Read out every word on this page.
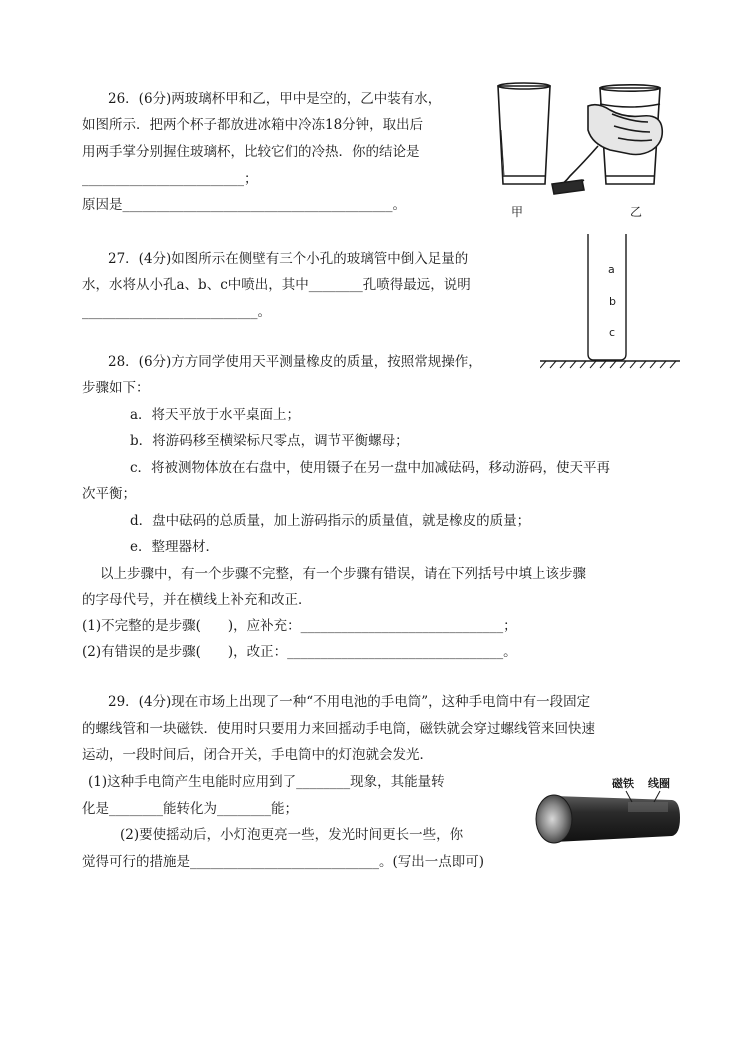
26．(6分)两玻璃杯甲和乙，甲中是空的，乙中装有水，
如图所示．把两个杯子都放进冰箱中冷冻18分钟，取出后
用两手掌分别握住玻璃杯，比较它们的冷热．你的结论是
________________________；
原因是________________________________________。	甲	乙
27．(4分)如图所示在侧壁有三个小孔的玻璃管中倒入足量的
水，水将从小孔a、b、c中喷出，其中________孔喷得最远，说明
__________________________。
a
b
c
28．(6分)方方同学使用天平测量橡皮的质量，按照常规操作，
步骤如下：
a．将天平放于水平桌面上；
b．将游码移至横梁标尺零点，调节平衡螺母；
c．将被测物体放在右盘中，使用镊子在另一盘中加减砝码，移动游码，使天平再
次平衡；
d．盘中砝码的总质量，加上游码指示的质量值，就是橡皮的质量；
e．整理器材．
以上步骤中，有一个步骤不完整，有一个步骤有错误，请在下列括号中填上该步骤
的字母代号，并在横线上补充和改正．
(1)不完整的是步骤(　　)，应补充：______________________________；
(2)有错误的是步骤(　　)，改正：________________________________。
29．(4分)现在市场上出现了一种“不用电池的手电筒”，这种手电筒中有一段固定
的螺线管和一块磁铁．使用时只要用力来回摇动手电筒，磁铁就会穿过螺线管来回快速
运动，一段时间后，闭合开关，手电筒中的灯泡就会发光．
(1)这种手电筒产生电能时应用到了________现象，其能量转
化是________能转化为________能；
(2)要使摇动后，小灯泡更亮一些，发光时间更长一些，你
觉得可行的措施是____________________________。(写出一点即可)
磁铁 线圈
